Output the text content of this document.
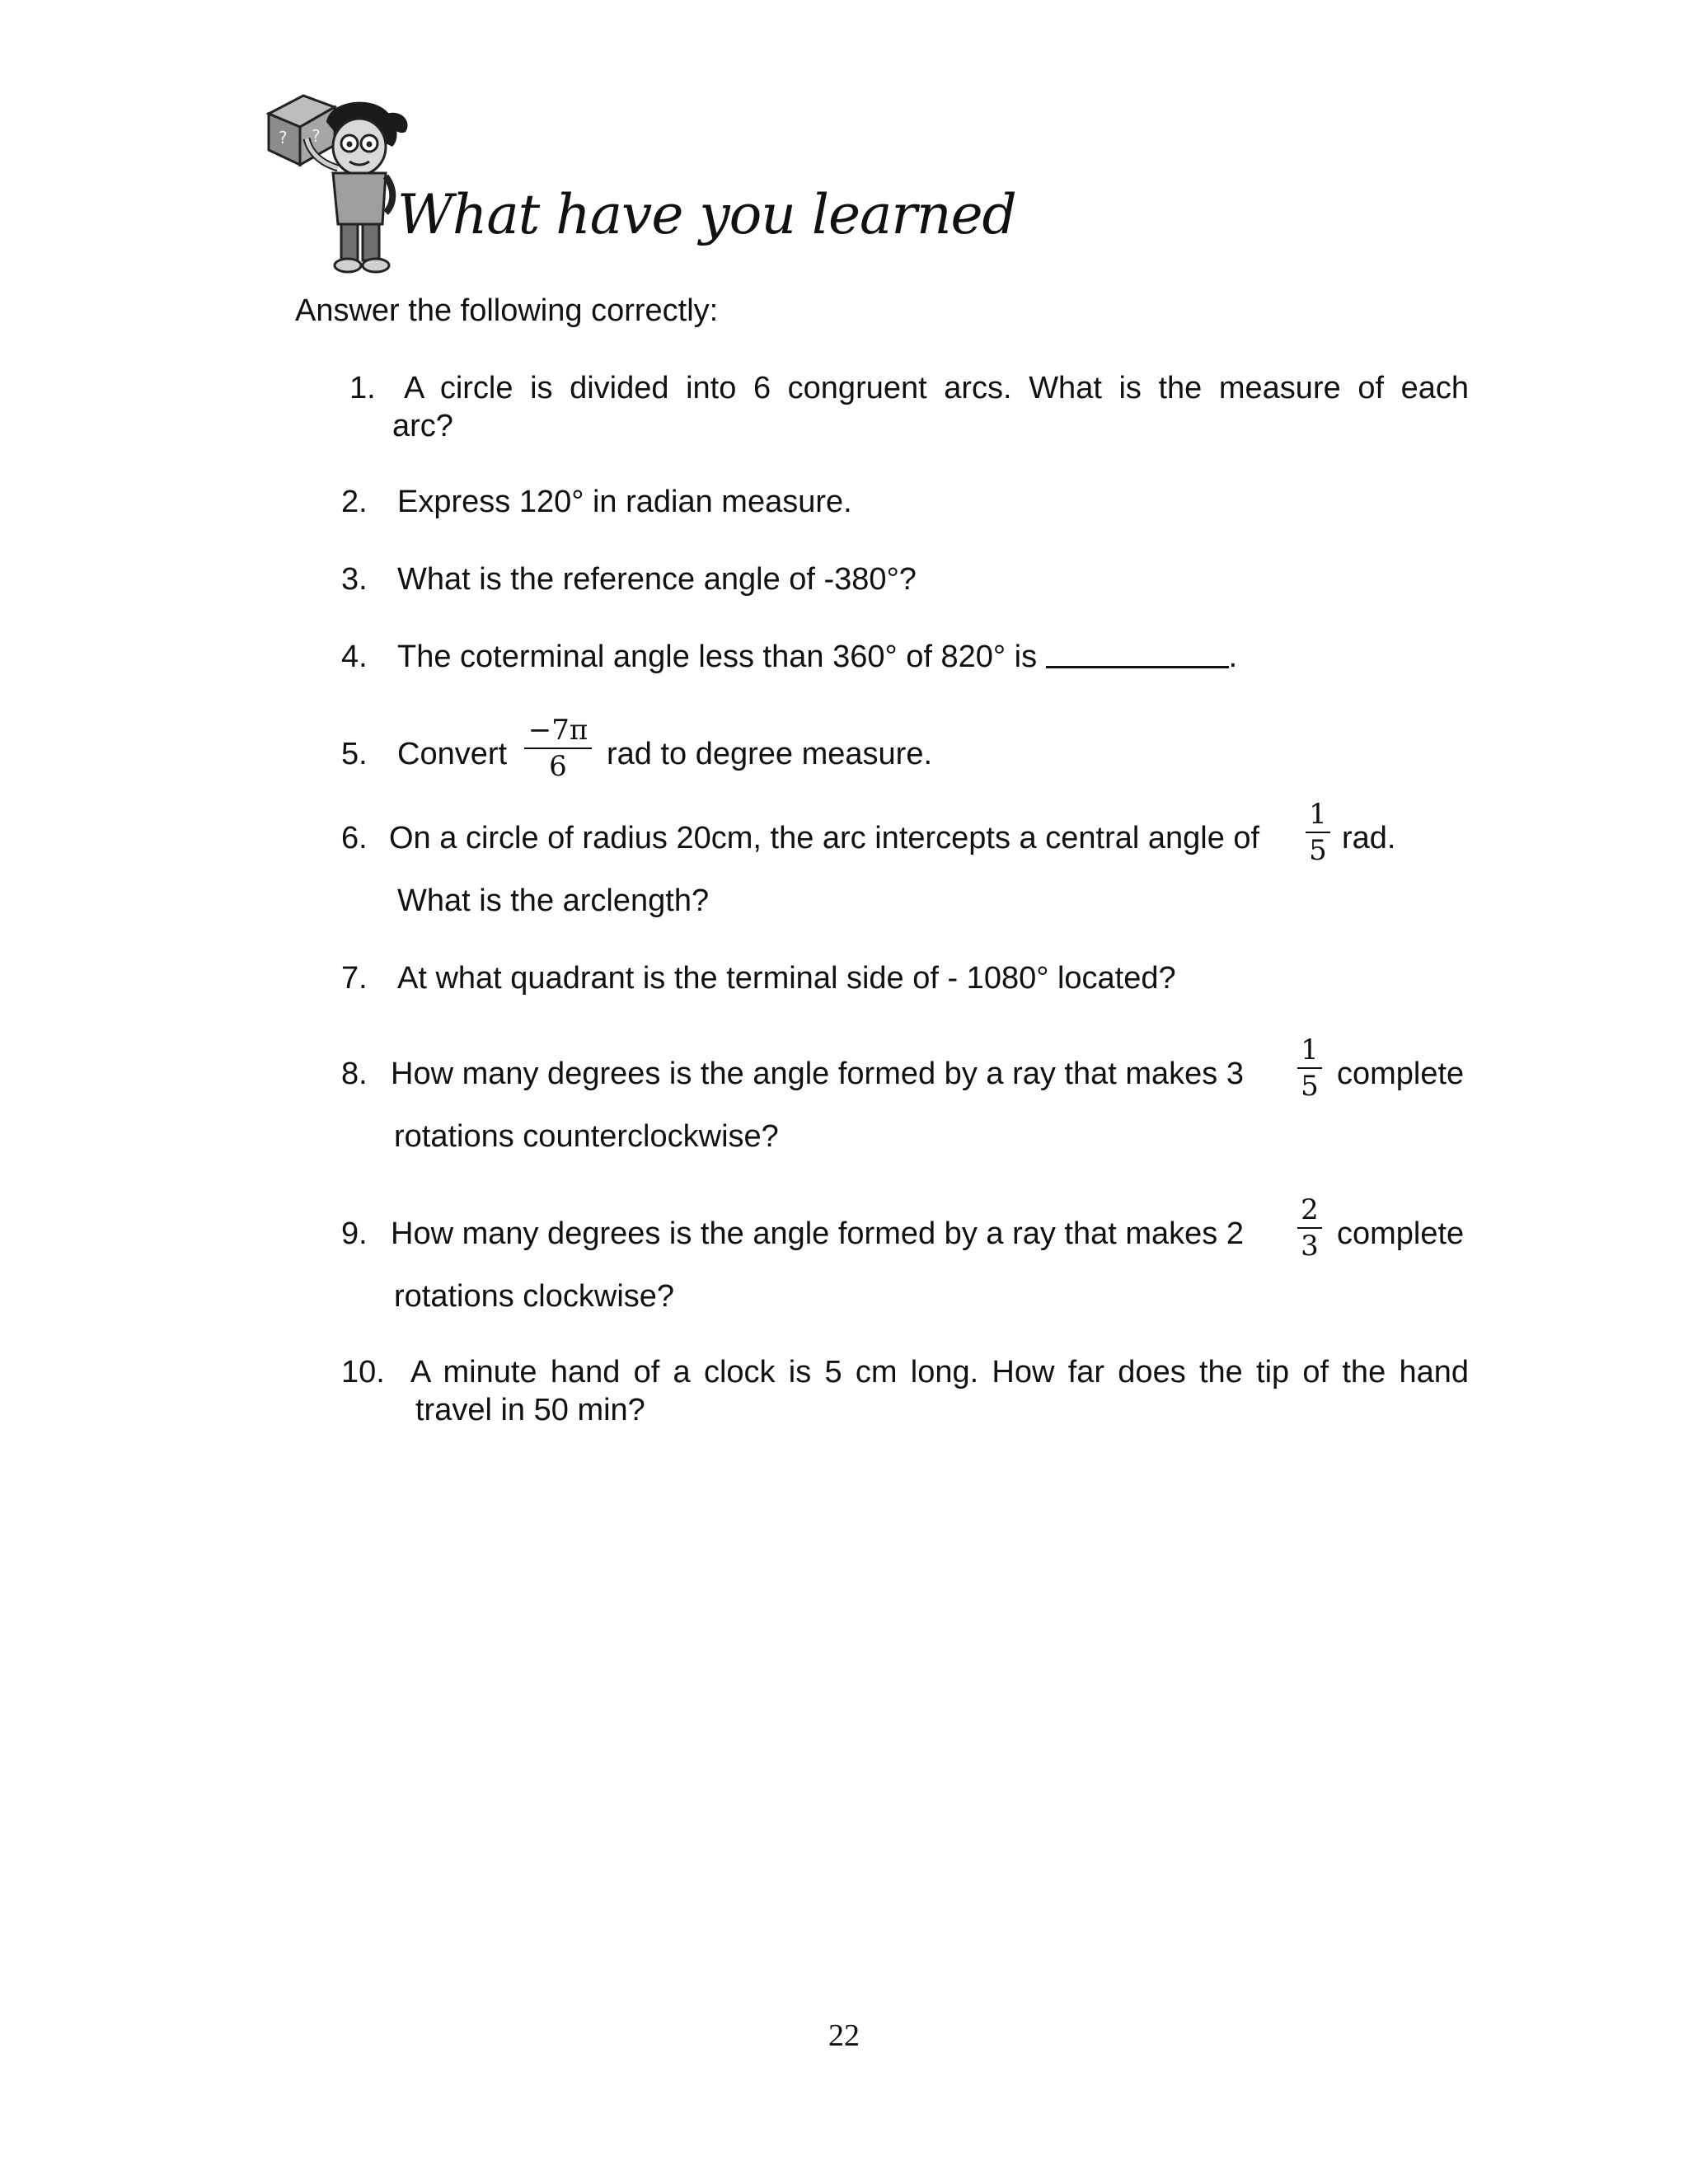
? ?
What have you learned
Answer the following correctly:
1. A circle is divided into 6 congruent arcs. What is the measure of each
arc?
2. Express 120° in radian measure.
3. What is the reference angle of -380°?
4. The coterminal angle less than 360° of 820° is	.
5. Convert
−7π
6	rad to degree measure.
6. On a circle of radius 20cm, the arc intercepts a central angle of
1
5 rad.
What is the arclength?
7. At what quadrant is the terminal side of - 1080° located?
8. How many degrees is the angle formed by a ray that makes 3
1
5 complete
rotations counterclockwise?
9. How many degrees is the angle formed by a ray that makes 2
2
3 complete
rotations clockwise?
10. A minute hand of a clock is 5 cm long. How far does the tip of the hand
travel in 50 min?
22
